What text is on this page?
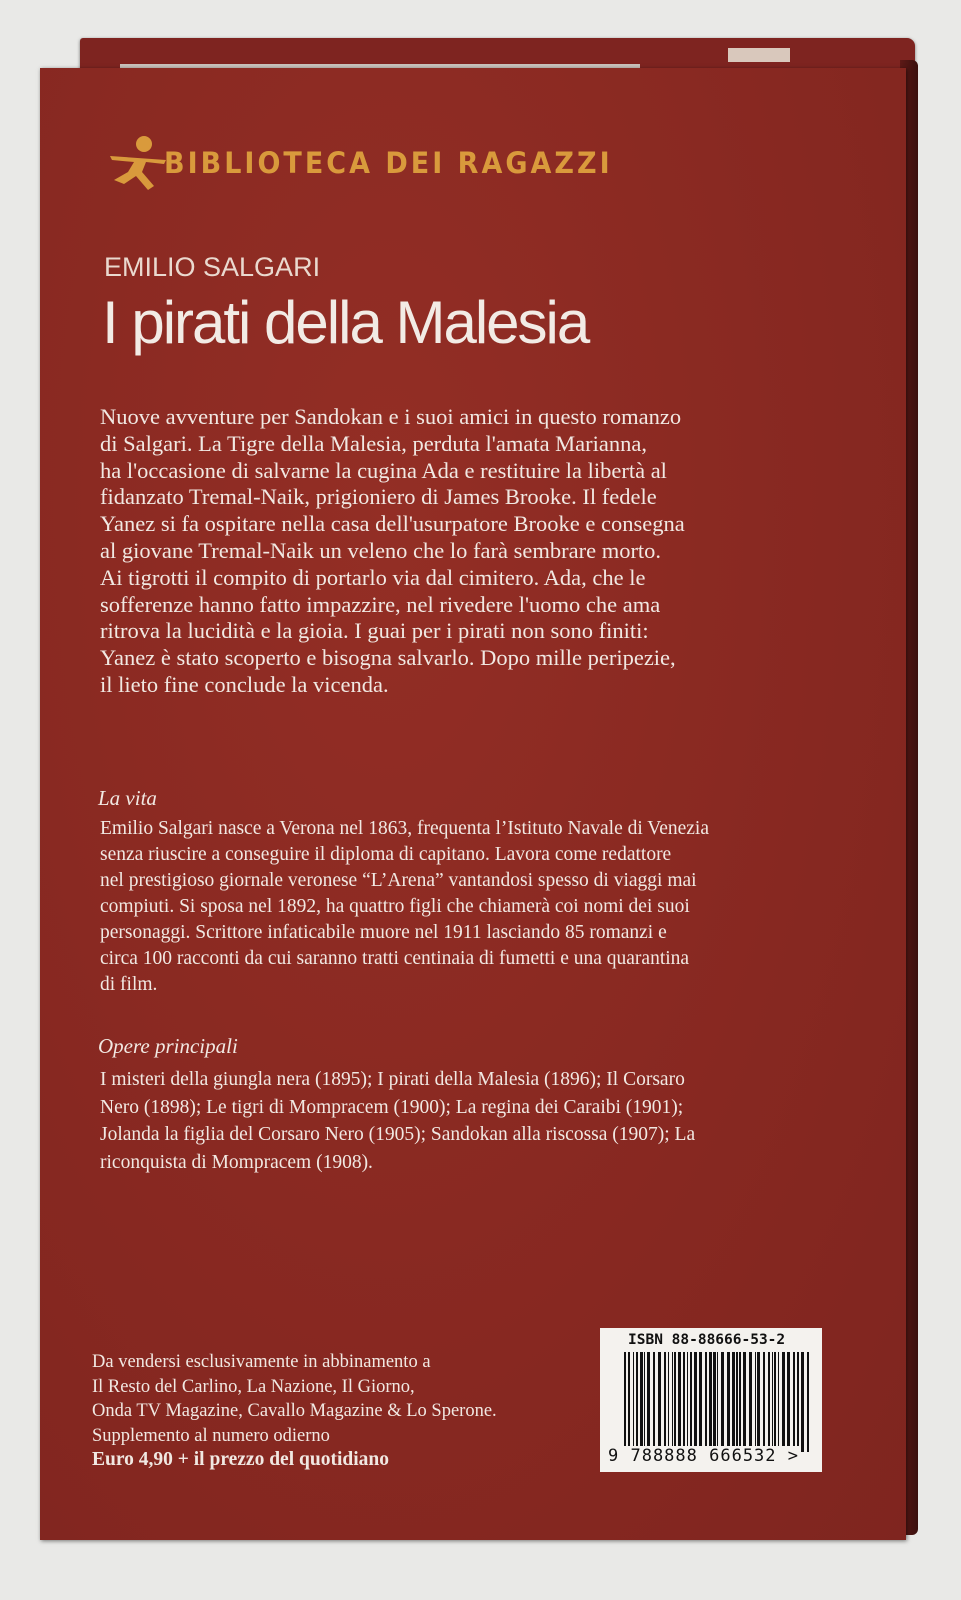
BIBLIOTECA DEI RAGAZZI
EMILIO SALGARI
I pirati della Malesia
Nuove avventure per Sandokan e i suoi amici in questo romanzo
di Salgari. La Tigre della Malesia, perduta l'amata Marianna,
ha l'occasione di salvarne la cugina Ada e restituire la libertà al
fidanzato Tremal-Naik, prigioniero di James Brooke. Il fedele
Yanez si fa ospitare nella casa dell'usurpatore Brooke e consegna
al giovane Tremal-Naik un veleno che lo farà sembrare morto.
Ai tigrotti il compito di portarlo via dal cimitero. Ada, che le
sofferenze hanno fatto impazzire, nel rivedere l'uomo che ama
ritrova la lucidità e la gioia. I guai per i pirati non sono finiti:
Yanez è stato scoperto e bisogna salvarlo. Dopo mille peripezie,
il lieto fine conclude la vicenda.
La vita
Emilio Salgari nasce a Verona nel 1863, frequenta l’Istituto Navale di Venezia
senza riuscire a conseguire il diploma di capitano. Lavora come redattore
nel prestigioso giornale veronese “L’Arena” vantandosi spesso di viaggi mai
compiuti. Si sposa nel 1892, ha quattro figli che chiamerà coi nomi dei suoi
personaggi. Scrittore infaticabile muore nel 1911 lasciando 85 romanzi e
circa 100 racconti da cui saranno tratti centinaia di fumetti e una quarantina
di film.
Opere principali
I misteri della giungla nera (1895); I pirati della Malesia (1896); Il Corsaro
Nero (1898); Le tigri di Mompracem (1900); La regina dei Caraibi (1901);
Jolanda la figlia del Corsaro Nero (1905); Sandokan alla riscossa (1907); La
riconquista di Mompracem (1908).
Da vendersi esclusivamente in abbinamento a
Il Resto del Carlino, La Nazione, Il Giorno,
Onda TV Magazine, Cavallo Magazine & Lo Sperone.
Supplemento al numero odierno
Euro 4,90 + il prezzo del quotidiano
ISBN 88-88666-53-2
9 788888 666532 >
